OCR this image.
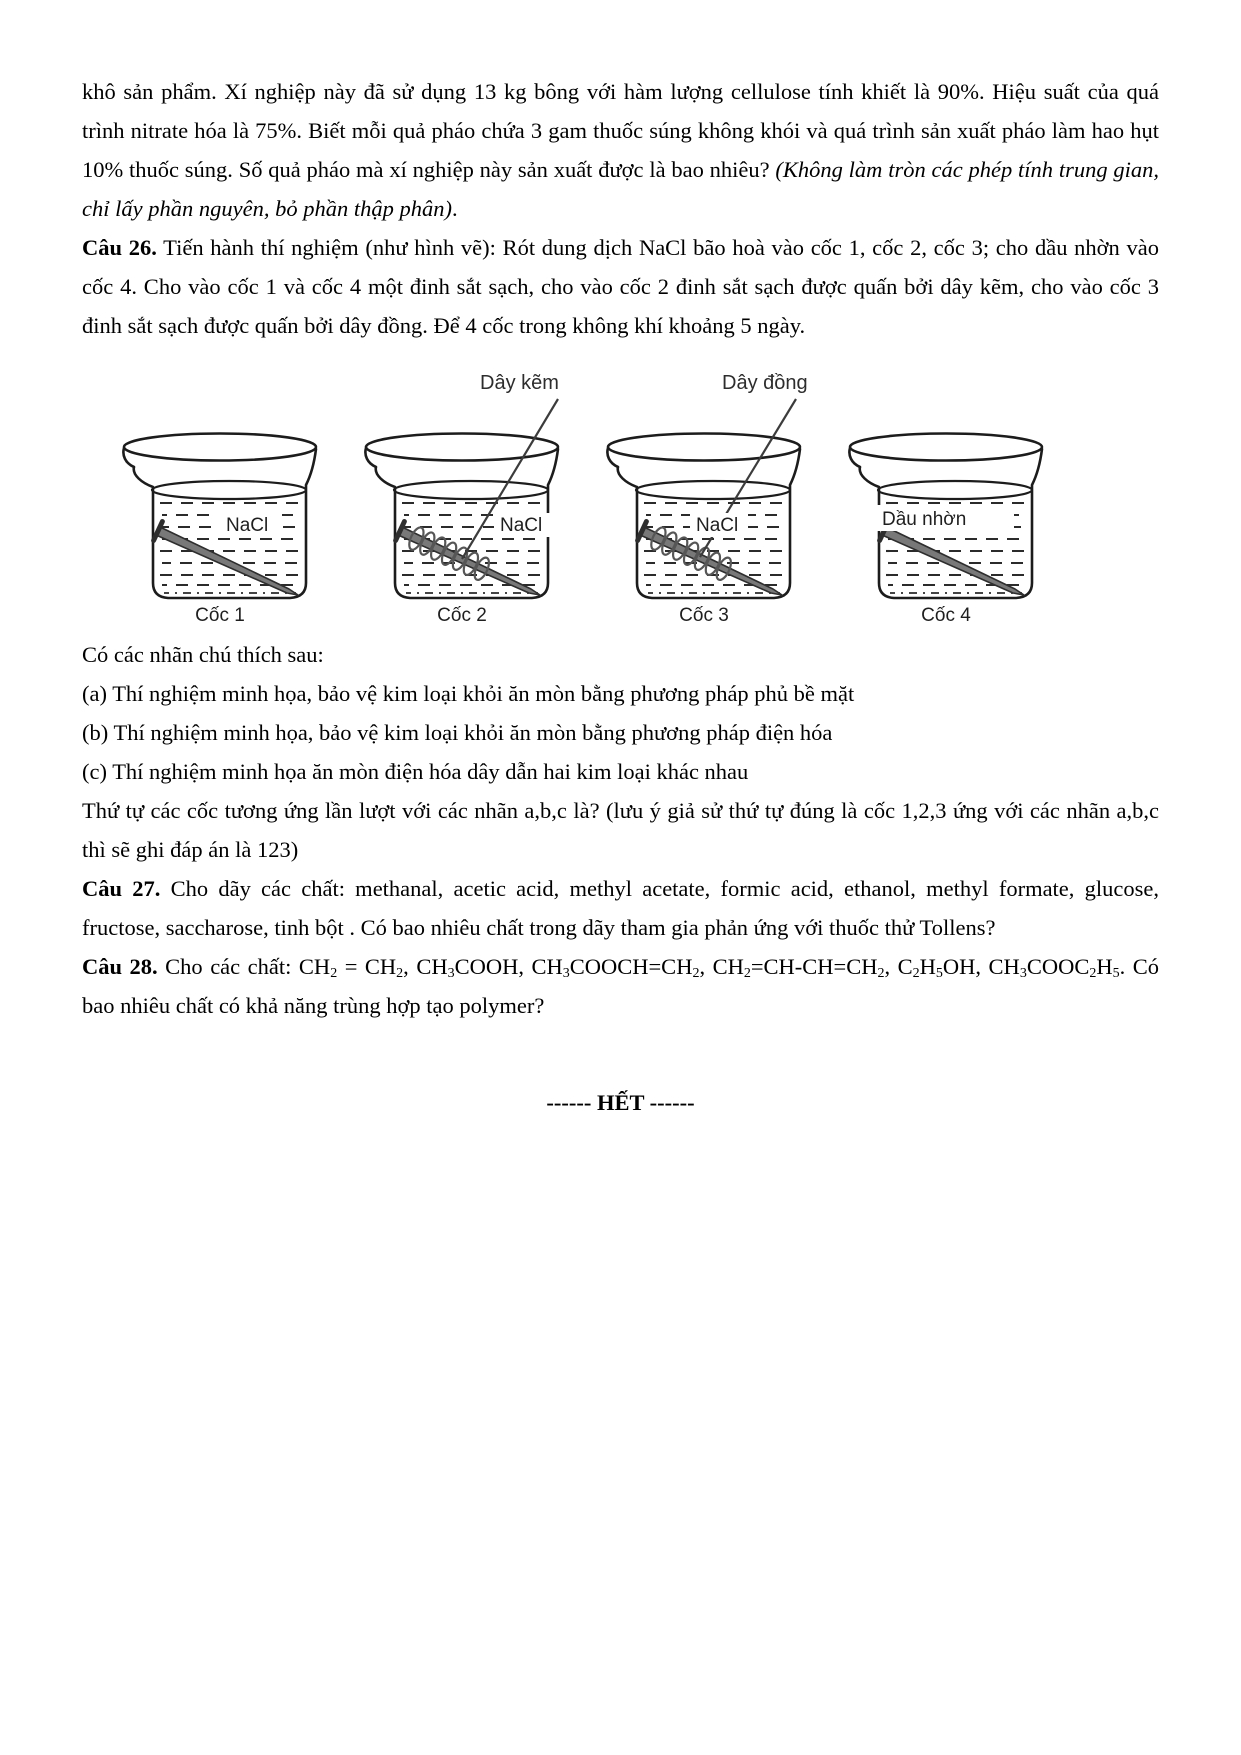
khô sản phẩm. Xí nghiệp này đã sử dụng 13 kg bông với hàm lượng cellulose tính khiết là 90%. Hiệu suất của quá trình nitrate hóa là 75%. Biết mỗi quả pháo chứa 3 gam thuốc súng không khói và quá trình sản xuất pháo làm hao hụt 10% thuốc súng. Số quả pháo mà xí nghiệp này sản xuất được là bao nhiêu? (Không làm tròn các phép tính trung gian, chỉ lấy phần nguyên, bỏ phần thập phân).

Câu 26. Tiến hành thí nghiệm (như hình vẽ): Rót dung dịch NaCl bão hoà vào cốc 1, cốc 2, cốc 3; cho dầu nhờn vào cốc 4. Cho vào cốc 1 và cốc 4 một đinh sắt sạch, cho vào cốc 2 đinh sắt sạch được quấn bởi dây kẽm, cho vào cốc 3 đinh sắt sạch được quấn bởi dây đồng. Để 4 cốc trong không khí khoảng 5 ngày.

NaCl
Cốc 1
Dây kẽm
NaCl
Cốc 2
Dây đồng
NaCl
Cốc 3
Dầu nhờn
Cốc 4

Có các nhãn chú thích sau:

(a) Thí nghiệm minh họa, bảo vệ kim loại khỏi ăn mòn bằng phương pháp phủ bề mặt

(b) Thí nghiệm minh họa, bảo vệ kim loại khỏi ăn mòn bằng phương pháp điện hóa

(c) Thí nghiệm minh họa ăn mòn điện hóa dây dẫn hai kim loại khác nhau

Thứ tự các cốc tương ứng lần lượt với các nhãn a,b,c là? (lưu ý giả sử thứ tự đúng là cốc 1,2,3 ứng với các nhãn a,b,c thì sẽ ghi đáp án là 123)

Câu 27. Cho dãy các chất: methanal, acetic acid, methyl acetate, formic acid, ethanol, methyl formate, glucose, fructose, saccharose, tinh bột . Có bao nhiêu chất trong dãy tham gia phản ứng với thuốc thử Tollens?

Câu 28. Cho các chất: $CH_2 = CH_2$, $CH_3COOH$, $CH_3COOCH=CH_2$, $CH_2=CH-CH=CH_2$, $C_2H_5OH$, $CH_3COOC_2H_5$. Có bao nhiêu chất có khả năng trùng hợp tạo polymer?

------ HẾT ------
